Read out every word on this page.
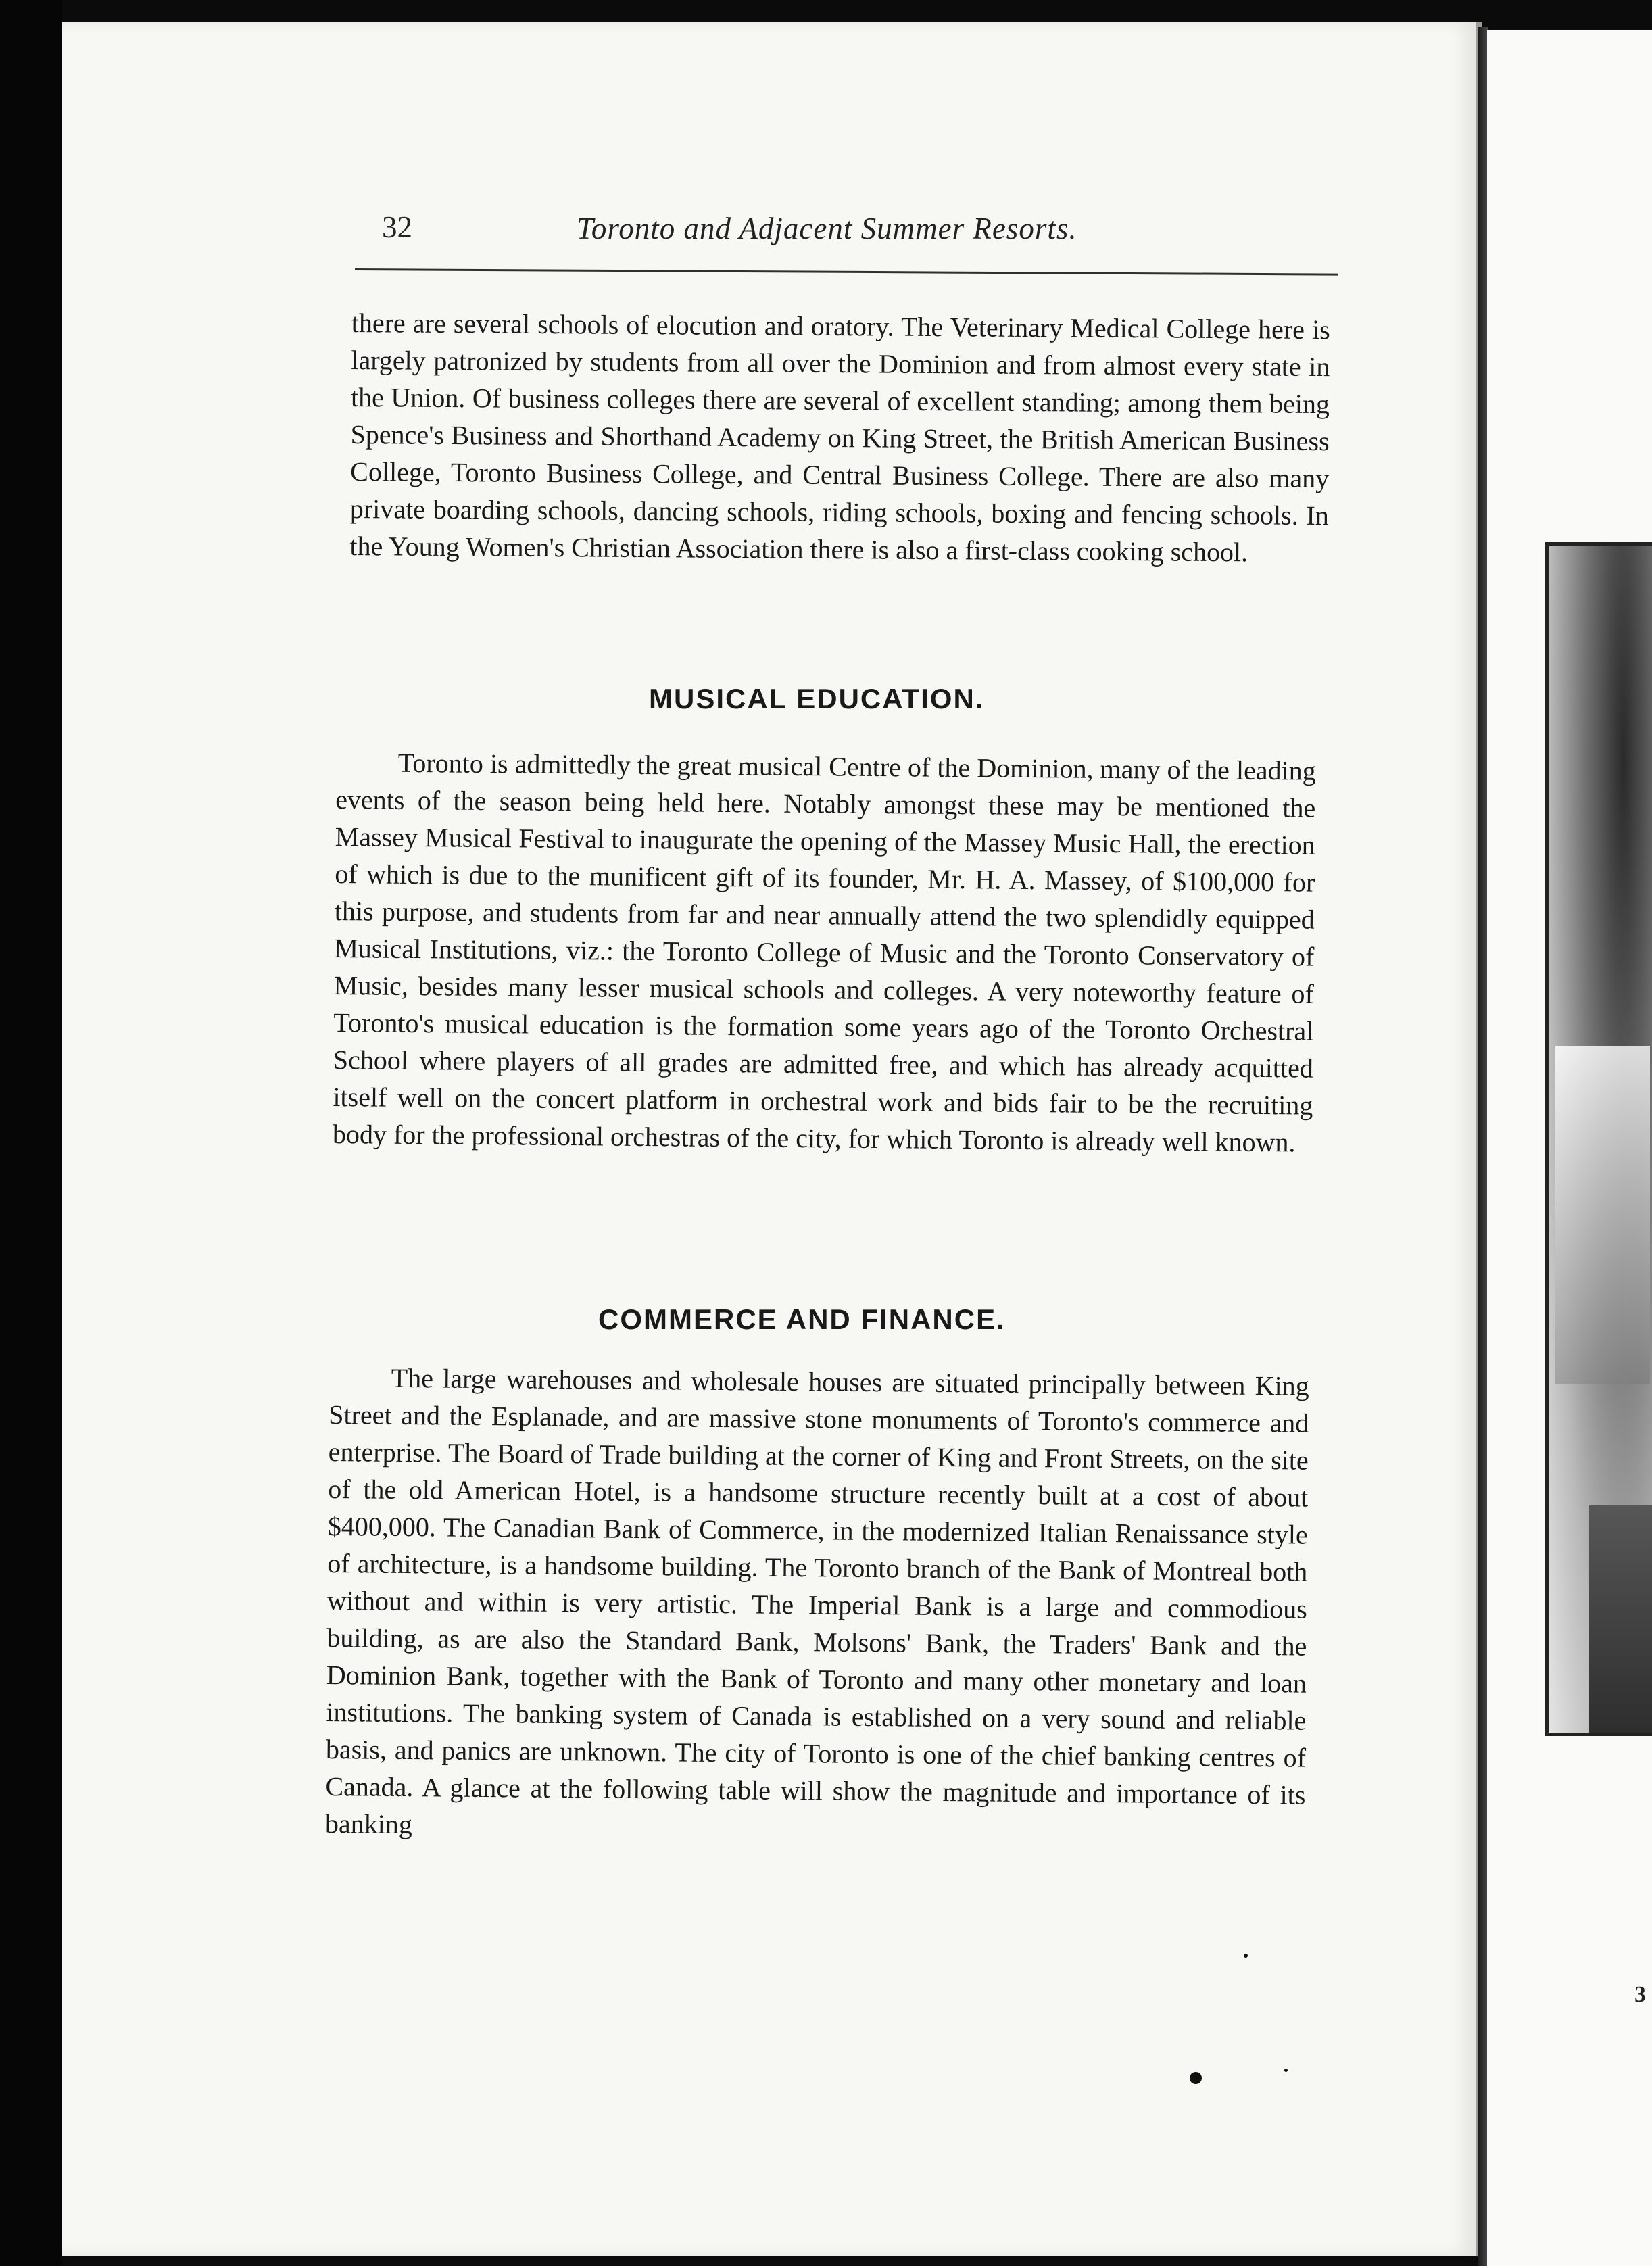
3
32	Toronto and Adjacent Summer Resorts.

there are several schools of elocution and oratory. The Veterinary Medical College here is largely patronized by students from all over the Dominion and from almost every state in the Union. Of business colleges there are several of excellent standing; among them being Spence's Business and Shorthand Academy on King Street, the British American Business College, Toronto Business College, and Central Business College. There are also many private boarding schools, dancing schools, riding schools, boxing and fencing schools. In the Young Women's Christian Association there is also a first-class cooking school.

MUSICAL EDUCATION.

Toronto is admittedly the great musical Centre of the Dominion, many of the leading events of the season being held here. Notably amongst these may be mentioned the Massey Musical Festival to inaugurate the opening of the Massey Music Hall, the erection of which is due to the munificent gift of its founder, Mr. H. A. Massey, of $100,000 for this purpose, and students from far and near annually attend the two splendidly equipped Musical Institutions, viz.: the Toronto College of Music and the Toronto Conservatory of Music, besides many lesser musical schools and colleges. A very noteworthy feature of Toronto's musical education is the formation some years ago of the Toronto Orchestral School where players of all grades are admitted free, and which has already acquitted itself well on the concert platform in orchestral work and bids fair to be the recruiting body for the professional orchestras of the city, for which Toronto is already well known.

COMMERCE AND FINANCE.

The large warehouses and wholesale houses are situated principally between King Street and the Esplanade, and are massive stone monuments of Toronto's commerce and enterprise. The Board of Trade building at the corner of King and Front Streets, on the site of the old American Hotel, is a handsome structure recently built at a cost of about $400,000. The Canadian Bank of Commerce, in the modernized Italian Renaissance style of architecture, is a handsome building. The Toronto branch of the Bank of Montreal both without and within is very artistic. The Imperial Bank is a large and commodious building, as are also the Standard Bank, Molsons' Bank, the Traders' Bank and the Dominion Bank, together with the Bank of Toronto and many other monetary and loan institutions. The banking system of Canada is established on a very sound and reliable basis, and panics are unknown. The city of Toronto is one of the chief banking centres of Canada. A glance at the following table will show the magnitude and importance of its banking
